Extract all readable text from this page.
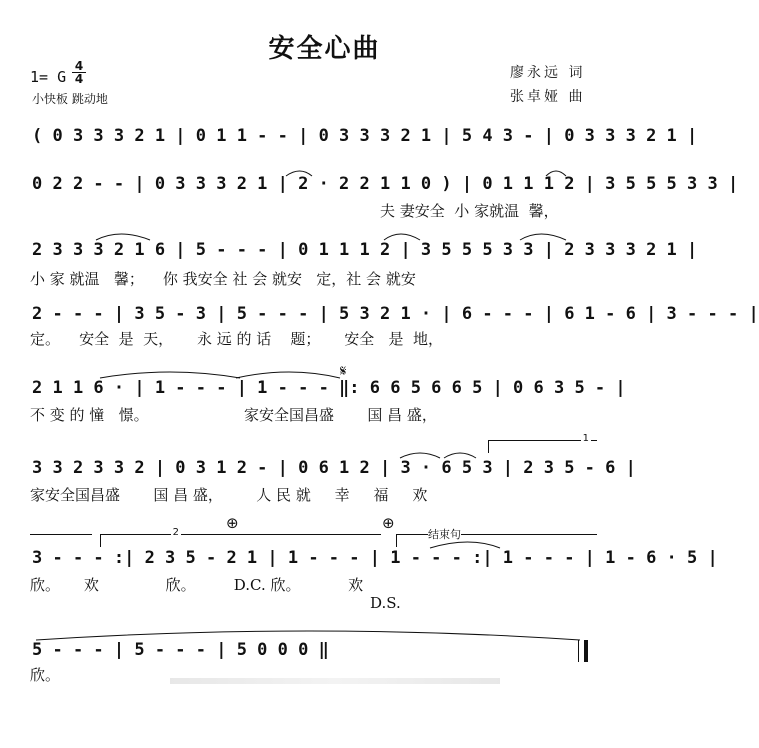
安全心曲
1= G
4
4
小快板 跳动地
廖永远 词
张卓娅 曲
( 0 3 3 3 2 1 | 0 1 1 - - | 0 3 3 3 2 1 | 5 4 3 - | 0 3 3 3 2 1 |
0 2 2 - - | 0 3 3 3 2 1 | 2 · 2 2 1 1 0 ) | 0 1 1 1 2 | 3 5 5 5 3 3 |
夫 妻安全  小 家就温  馨，
2 3 3 3 2 1 6 | 5 - - - | 0 1 1 1 2 | 3 5 5 5 3 3 | 2 3 3 3 2 1 |
小 家 就温   馨；    你 我安全 社 会 就安   定，社 会 就安
2 - - - | 3 5 - 3 | 5 - - - | 5 3 2 1 · | 6 - - - | 6 1 - 6 | 3 - - - |
定。    安全  是  天，     永 远 的 话    题；     安全   是  地，
𝄋
2 1 1 6 · | 1 - - - | 1 - - - ‖: 6 6 5 6 6 5 | 0 6 3 5 - |
不 变 的 憧   憬。                    家安全国昌盛       国 昌 盛，
1
3 3 2 3 3 2 | 0 3 1 2 - | 0 6 1 2 | 3 · 6 5 3 | 2 3 5 - 6 |
家安全国昌盛       国 昌 盛，       人 民 就     幸     福     欢
2
⊕	⊕
结束句
3 - - - :| 2 3 5 - 2 1 | 1 - - - | 1 - - - :| 1 - - - | 1 - 6 · 5 |
欣。     欢              欣。        D.C. 欣。          欢
D.S.
5 - - - | 5 - - - | 5 0 0 0 ‖
欣。
